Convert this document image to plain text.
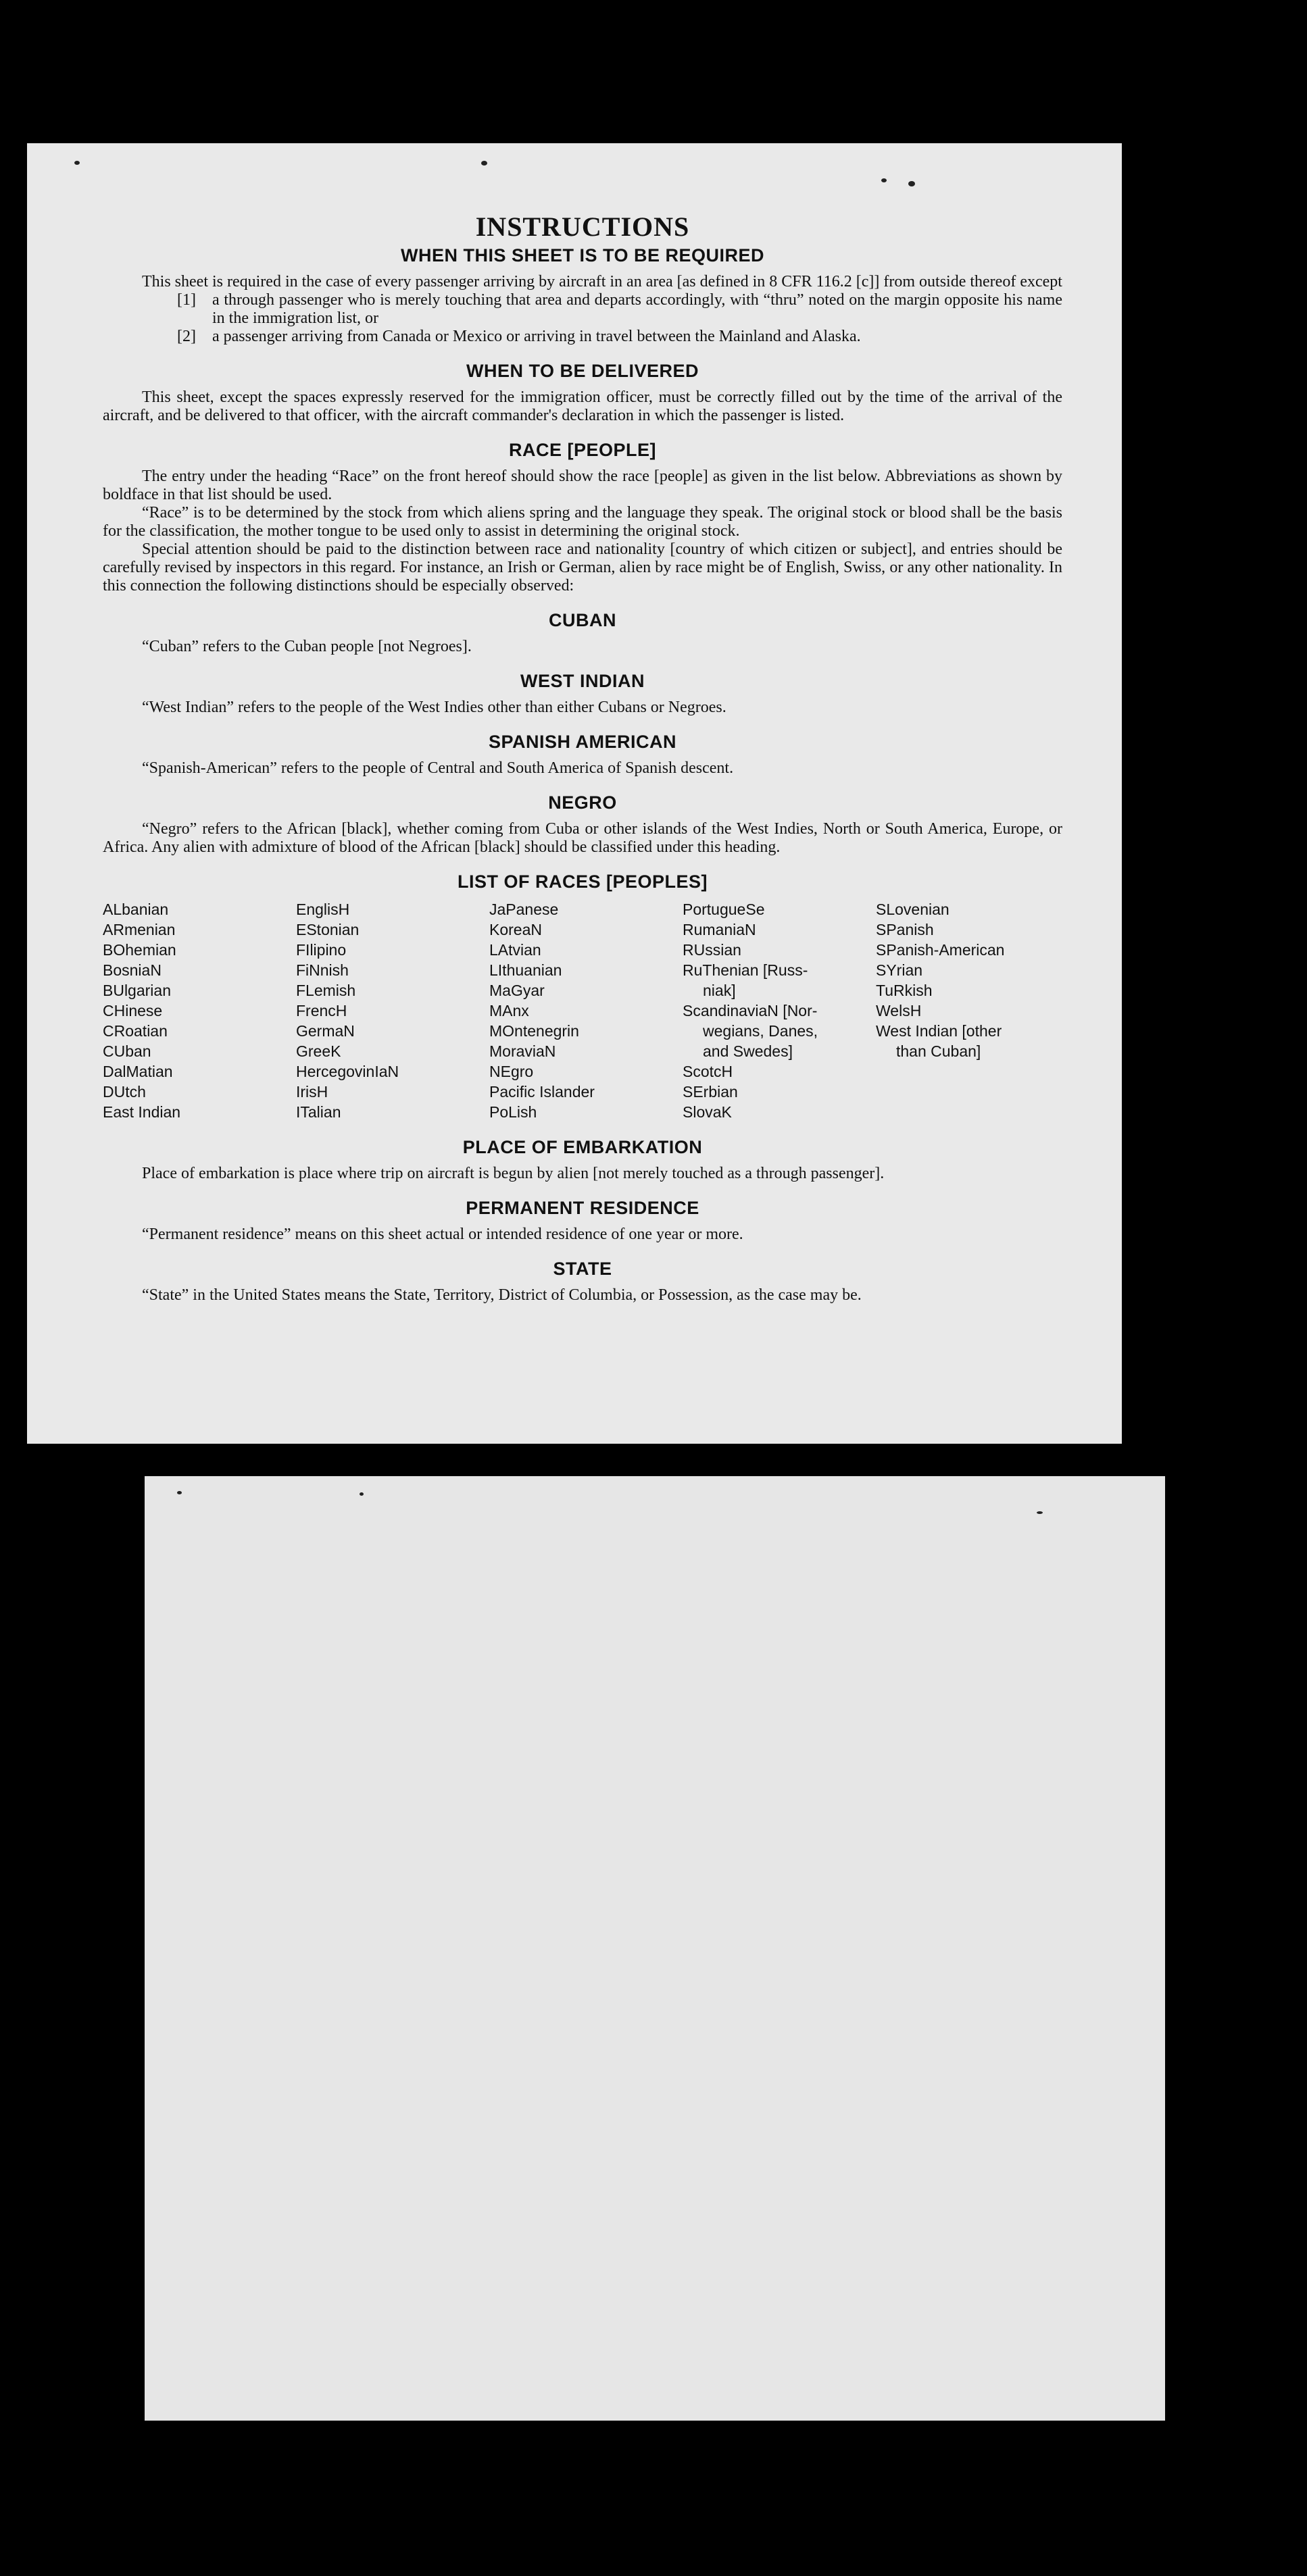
INSTRUCTIONS
WHEN THIS SHEET IS TO BE REQUIRED

This sheet is required in the case of every passenger arriving by aircraft in an area [as defined in 8 CFR 116.2 [c]] from outside thereof except

[1]	a through passenger who is merely touching that area and departs accordingly, with “thru” noted on the margin opposite his name in the immigration list, or
[2]	a passenger arriving from Canada or Mexico or arriving in travel between the Mainland and Alaska.
WHEN TO BE DELIVERED

This sheet, except the spaces expressly reserved for the immigration officer, must be correctly filled out by the time of the arrival of the aircraft, and be delivered to that officer, with the aircraft commander's declaration in which the passenger is listed.

RACE [PEOPLE]

The entry under the heading “Race” on the front hereof should show the race [people] as given in the list below. Abbreviations as shown by boldface in that list should be used.

“Race” is to be determined by the stock from which aliens spring and the language they speak. The original stock or blood shall be the basis for the classification, the mother tongue to be used only to assist in determining the original stock.

Special attention should be paid to the distinction between race and nationality [country of which citizen or subject], and entries should be carefully revised by inspectors in this regard. For instance, an Irish or German, alien by race might be of English, Swiss, or any other nationality. In this connection the following distinctions should be especially observed:

CUBAN

“Cuban” refers to the Cuban people [not Negroes].

WEST INDIAN

“West Indian” refers to the people of the West Indies other than either Cubans or Negroes.

SPANISH AMERICAN

“Spanish-American” refers to the people of Central and South America of Spanish descent.

NEGRO

“Negro” refers to the African [black], whether coming from Cuba or other islands of the West Indies, North or South America, Europe, or Africa. Any alien with admixture of blood of the African [black] should be classified under this heading.

LIST OF RACES [PEOPLES]
ALbanian
ARmenian
BOhemian
BosniaN
BUlgarian
CHinese
CRoatian
CUban
DalMatian
DUtch
East Indian
EnglisH
EStonian
FIlipino
FiNnish
FLemish
FrencH
GermaN
GreeK
HercegovinIaN
IrisH
ITalian
JaPanese
KoreaN
LAtvian
LIthuanian
MaGyar
MAnx
MOntenegrin
MoraviaN
NEgro
Pacific Islander
PoLish
PortugueSe
RumaniaN
RUssian
RuThenian [Russ-
niak]
ScandinaviaN [Nor-
wegians, Danes,
and Swedes]
ScotcH
SErbian
SlovaK
SLovenian
SPanish
SPanish-American
SYrian
TuRkish
WelsH
West Indian [other
than Cuban]
PLACE OF EMBARKATION

Place of embarkation is place where trip on aircraft is begun by alien [not merely touched as a through passenger].

PERMANENT RESIDENCE

“Permanent residence” means on this sheet actual or intended residence of one year or more.

STATE

“State” in the United States means the State, Territory, District of Columbia, or Possession, as the case may be.
